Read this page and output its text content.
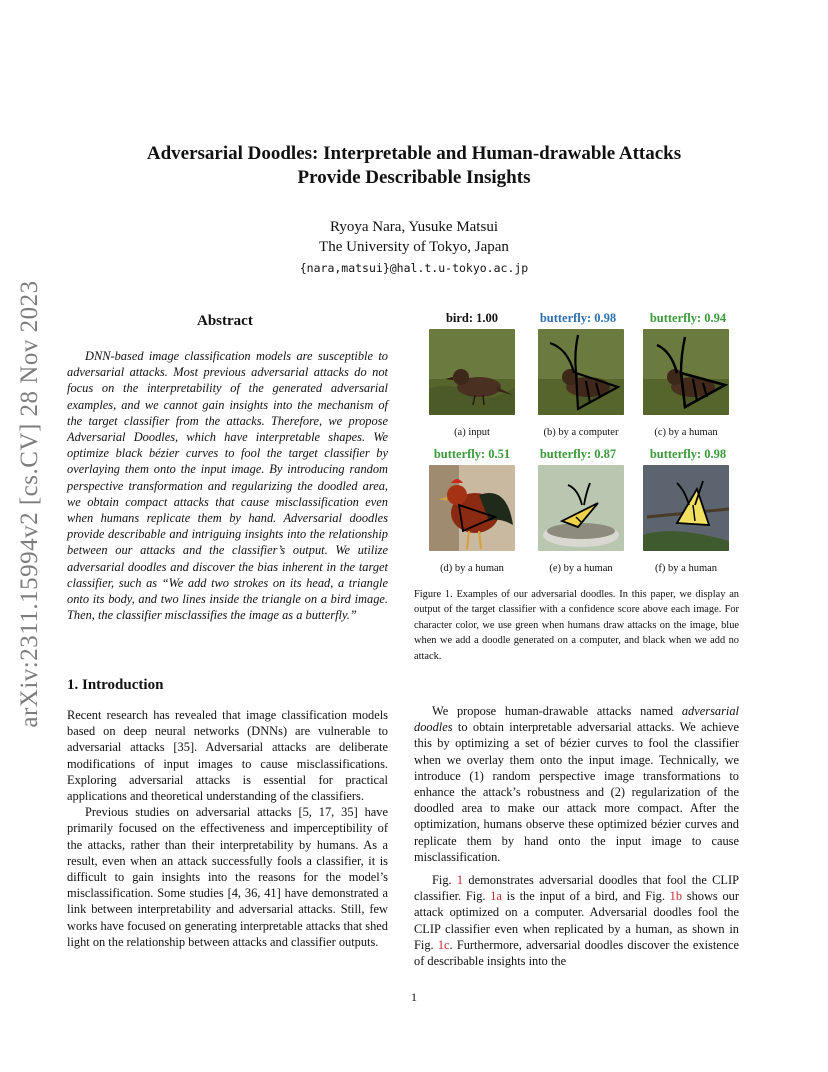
arXiv:2311.15994v2 [cs.CV] 28 Nov 2023
Adversarial Doodles: Interpretable and Human-drawable Attacks
Provide Describable Insights
Ryoya Nara, Yusuke Matsui
The University of Tokyo, Japan
{nara,matsui}@hal.t.u-tokyo.ac.jp
Abstract

DNN-based image classification models are susceptible to adversarial attacks. Most previous adversarial attacks do not focus on the interpretability of the generated adversarial examples, and we cannot gain insights into the mechanism of the target classifier from the attacks. Therefore, we propose Adversarial Doodles, which have interpretable shapes. We optimize black bézier curves to fool the target classifier by overlaying them onto the input image. By introducing random perspective transformation and regularizing the doodled area, we obtain compact attacks that cause misclassification even when humans replicate them by hand. Adversarial doodles provide describable and intriguing insights into the relationship between our attacks and the classifier’s output. We utilize adversarial doodles and discover the bias inherent in the target classifier, such as “We add two strokes on its head, a triangle onto its body, and two lines inside the triangle on a bird image. Then, the classifier misclassifies the image as a butterfly.”

1. Introduction

Recent research has revealed that image classification models based on deep neural networks (DNNs) are vulnerable to adversarial attacks [35]. Adversarial attacks are deliberate modifications of input images to cause misclassifications. Exploring adversarial attacks is essential for practical applications and theoretical understanding of the classifiers.

Previous studies on adversarial attacks [5, 17, 35] have primarily focused on the effectiveness and imperceptibility of the attacks, rather than their interpretability by humans. As a result, even when an attack successfully fools a classifier, it is difficult to gain insights into the reasons for the model’s misclassification. Some studies [4, 36, 41] have demonstrated a link between interpretability and adversarial attacks. Still, few works have focused on generating interpretable attacks that shed light on the relationship between attacks and classifier outputs.

We propose human-drawable attacks named adversarial doodles to obtain interpretable adversarial attacks. We achieve this by optimizing a set of bézier curves to fool the classifier when we overlay them onto the input image. Technically, we introduce (1) random perspective image transformations to enhance the attack’s robustness and (2) regularization of the doodled area to make our attack more compact. After the optimization, humans observe these optimized bézier curves and replicate them by hand onto the input image to cause misclassification.

Fig. 1 demonstrates adversarial doodles that fool the CLIP classifier. Fig. 1a is the input of a bird, and Fig. 1b shows our attack optimized on a computer. Adversarial doodles fool the CLIP classifier even when replicated by a human, as shown in Fig. 1c. Furthermore, adversarial doodles discover the existence of describable insights into the

bird: 1.00	butterfly: 0.98	butterfly: 0.94
(a) input	(b) by a computer	(c) by a human
butterfly: 0.51	butterfly: 0.87	butterfly: 0.98
(d) by a human	(e) by a human	(f) by a human
Figure 1. Examples of our adversarial doodles. In this paper, we display an output of the target classifier with a confidence score above each image. For character color, we use green when humans draw attacks on the image, blue when we add a doodle generated on a computer, and black when we add no attack.
1
